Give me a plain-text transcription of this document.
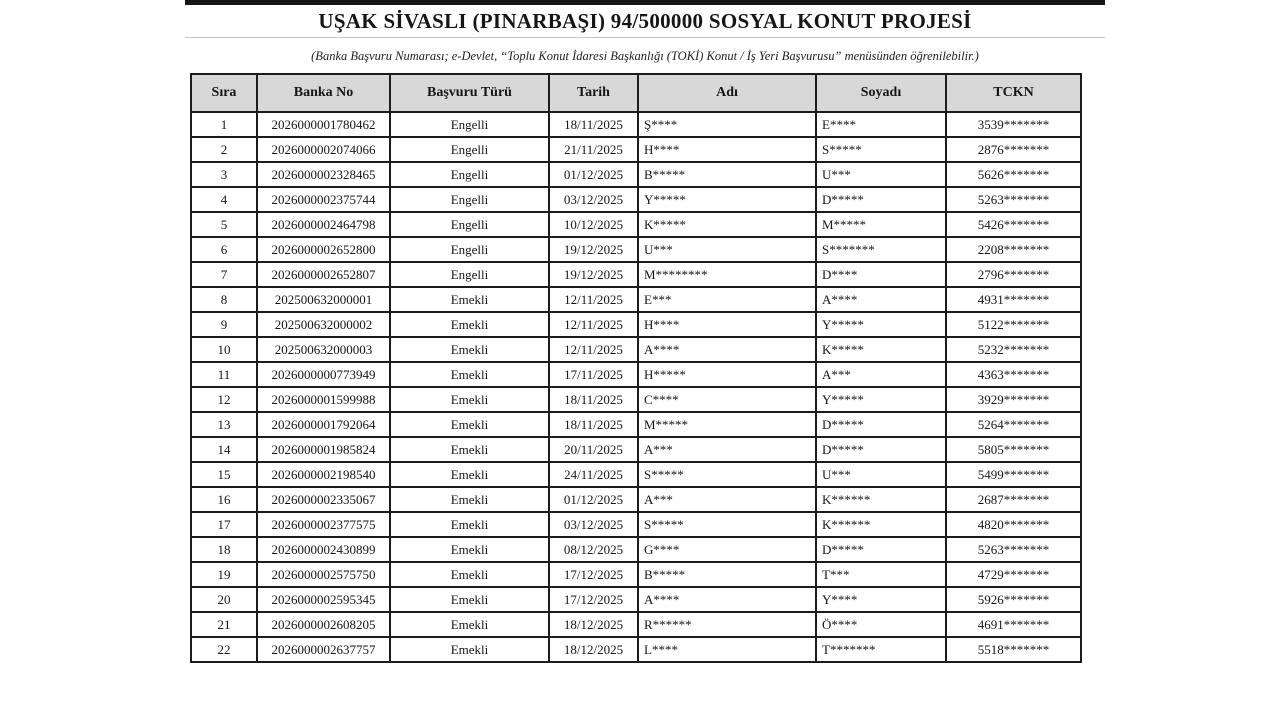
UŞAK SİVASLI (PINARBAŞI) 94/500000 SOSYAL KONUT PROJESİ

(Banka Başvuru Numarası; e-Devlet, “Toplu Konut İdaresi Başkanlığı (TOKİ) Konut / İş Yeri Başvurusu” menüsünden öğrenilebilir.)

Sıra	Banka No	Başvuru Türü	Tarih	Adı	Soyadı	TCKN
1	2026000001780462	Engelli	18/11/2025	Ş****	E****	3539*******
2	2026000002074066	Engelli	21/11/2025	H****	S*****	2876*******
3	2026000002328465	Engelli	01/12/2025	B*****	U***	5626*******
4	2026000002375744	Engelli	03/12/2025	Y*****	D*****	5263*******
5	2026000002464798	Engelli	10/12/2025	K*****	M*****	5426*******
6	2026000002652800	Engelli	19/12/2025	U***	S*******	2208*******
7	2026000002652807	Engelli	19/12/2025	M********	D****	2796*******
8	202500632000001	Emekli	12/11/2025	E***	A****	4931*******
9	202500632000002	Emekli	12/11/2025	H****	Y*****	5122*******
10	202500632000003	Emekli	12/11/2025	A****	K*****	5232*******
11	2026000000773949	Emekli	17/11/2025	H*****	A***	4363*******
12	2026000001599988	Emekli	18/11/2025	C****	Y*****	3929*******
13	2026000001792064	Emekli	18/11/2025	M*****	D*****	5264*******
14	2026000001985824	Emekli	20/11/2025	A***	D*****	5805*******
15	2026000002198540	Emekli	24/11/2025	S*****	U***	5499*******
16	2026000002335067	Emekli	01/12/2025	A***	K******	2687*******
17	2026000002377575	Emekli	03/12/2025	S*****	K******	4820*******
18	2026000002430899	Emekli	08/12/2025	G****	D*****	5263*******
19	2026000002575750	Emekli	17/12/2025	B*****	T***	4729*******
20	2026000002595345	Emekli	17/12/2025	A****	Y****	5926*******
21	2026000002608205	Emekli	18/12/2025	R******	Ö****	4691*******
22	2026000002637757	Emekli	18/12/2025	L****	T*******	5518*******
